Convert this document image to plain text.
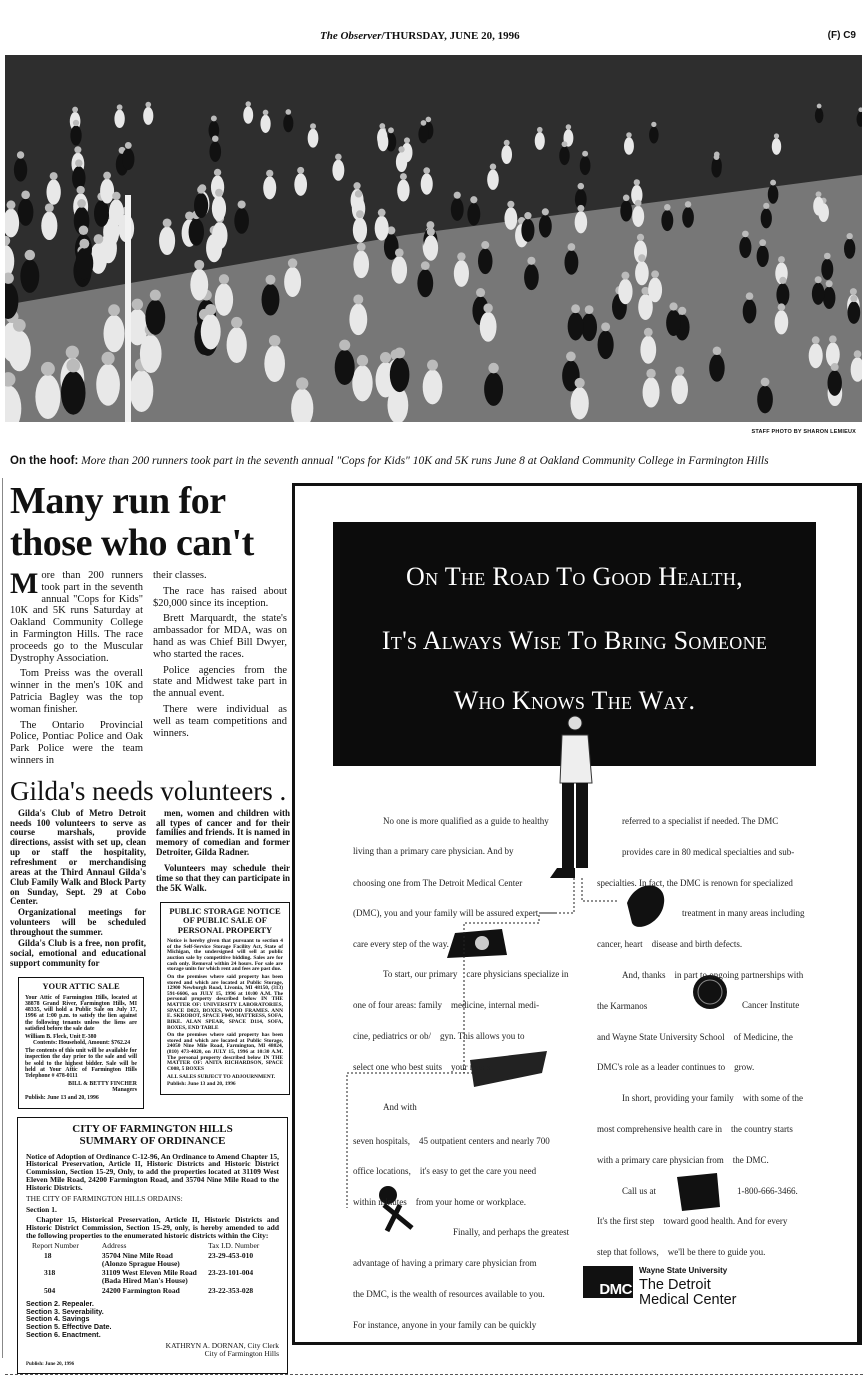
The Observer/THURSDAY, JUNE 20, 1996	(F) C9
STAFF PHOTO BY SHARON LEMIEUX
On the hoof: More than 200 runners took part in the seventh annual "Cops for Kids" 10K and 5K runs June 8 at Oakland Community College in Farmington Hills
Many run for those who can't

More than 200 runners took part in the seventh annual "Cops for Kids" 10K and 5K runs Saturday at Oakland Community College in Farmington Hills. The race proceeds go to the Muscular Dystrophy Association.

Tom Preiss was the overall winner in the men's 10K and Patricia Bagley was the top woman finisher.

The Ontario Provincial Police, Pontiac Police and Oak Park Police were the team winners in

their classes.

The race has raised about $20,000 since its inception.

Brett Marquardt, the state's ambassador for MDA, was on hand as was Chief Bill Dwyer, who started the races.

Police agencies from the state and Midwest take part in the annual event.

There were individual as well as team competitions and winners.

Gilda's needs volunteers .

Gilda's Club of Metro Detroit needs 100 volunteers to serve as course marshals, provide directions, assist with set up, clean up or staff the hospitality, refreshment or merchandising areas at the Third Annaul Gilda's Club Family Walk and Block Party on Sunday, Sept. 29 at Cobo Center.

Organizational meetings for volunteers will be scheduled throughout the summer.

Gilda's Club is a free, non profit, social, emotional and educational support community for

YOUR ATTIC SALE

Your Attic of Farmington Hills, located at 38878 Grand River, Farmington Hills, MI 48335, will hold a Public Sale on July 17, 1996 at 1:00 p.m. to satisfy the lien against the following tenants unless the liens are satisfied before the sale date

William B. Fleck, Unit E-380

Contents: Household, Amount: $762.24

The contents of this unit will be available for inspection the day prior to the sale and will be sold to the highest bidder. Sale will be held at Your Attic of Farmington Hills Telephone # 478-0111

BILL & BETTY FINCHER

Managers

Publish: June 13 and 20, 1996

men, women and children with all types of cancer and for their families and friends. It is named in memory of comedian and former Detroiter, Gilda Radner.

Volunteers may schedule their time so that they can participate in the 5K Walk.

PUBLIC STORAGE NOTICE OF PUBLIC SALE OF PERSONAL PROPERTY

Notice is hereby given that pursuant to section 4 of the Self-Service Storage Facility Act, State of Michigan, the undersigned will sell at public auction sale by competitive bidding. Sales are for cash only. Removal within 24 hours. For sale are storage units for which rent and fees are past due.

On the premises where said property has been stored and which are located at Public Storage, 12900 Newburgh Road, Livonia, MI 48150, (313) 591-6606, on JULY 15, 1996 at 10:00 A.M. The personal property described below IN THE MATTER OF: UNIVERSITY LABORATORIES, SPACE D023, BOXES, WOOD FRAMES. ANN E. SKROBOT, SPACE F049, MATTRESS, SOFA, BIKE. ALAN SPEAR, SPACE D114, SOFA, BOXES, END TABLE

On the premises where said property has been stored and which are located at Public Storage, 24050 Nine Mile Road, Farmington, MI 48024, (810) 473-4020, on JULY 15, 1996 at 10:30 A.M. The personal property described below IN THE MATTER OF: ANITA RICHARDSON, SPACE C008, 5 BOXES

ALL SALES SUBJECT TO ADJOURNMENT.

Publish: June 13 and 20, 1996

CITY OF FARMINGTON HILLS
SUMMARY OF ORDINANCE

Notice of Adoption of Ordinance C-12-96, An Ordinance to Amend Chapter 15, Historical Preservation, Article II, Historic Districts and Historic District Commission, Section 15-29, Only, to add the properties located at 31109 West Eleven Mile Road, 24200 Farmington Road, and 35704 Nine Mile Road to the Historic Districts.

THE CITY OF FARMINGTON HILLS ORDAINS:

Section 1.

Chapter 15, Historical Preservation, Article II, Historic Districts and Historic District Commission, Section 15-29, only, is hereby amended to add the following properties to the enumerated historic districts within the City:

Report Number	Address	Tax I.D. Number
18	35704 Nine Mile Road
(Alonzo Sprague House)	23-29-453-010
318	31109 West Eleven Mile Road
(Bada Hired Man's House)	23-23-101-004
504	24200 Farmington Road	23-22-353-028
Section 2. Repealer.
Section 3. Severability.
Section 4. Savings
Section 5. Effective Date.
Section 6. Enactment.
KATHRYN A. DORNAN, City Clerk
City of Farmington Hills
Publish: June 20, 1996
On The Road To Good Health,
It's Always Wise To Bring Someone
Who Knows The Way.
No one is more qualified as a guide to healthy
living than a primary care physician. And by
choosing one from The Detroit Medical Center
(DMC), you and your family will be assured expert
care every step of the way.
To start, our primary    care physicians specialize in
one of four areas: family    medicine, internal medi-
cine, pediatrics or ob/    gyn. This allows you to
select one who best suits    your needs.
And with
seven hospitals,    45 outpatient centers and nearly 700
office locations,    it's easy to get the care you need
within minutes    from your home or workplace.
Finally, and perhaps the greatest
advantage of having a primary care physician from
the DMC, is the wealth of resources available to you.
For instance, anyone in your family can be quickly
referred to a specialist if needed. The DMC
provides care in 80 medical specialties and sub-
specialties. In fact, the DMC is renown for specialized
treatment in many areas including
cancer, heart    disease and birth defects.
And, thanks    in part to ongoing partnerships with
the Karmanos
and Wayne State University School    of Medicine, the
DMC's role as a leader continues to    grow.
In short, providing your family    with some of the
most comprehensive health care in    the country starts
with a primary care physician from    the DMC.
Call us at
It's the first step    toward good health. And for every
step that follows,    we'll be there to guide you.
Cancer Institute
1-800-666-3466.
DMC
Wayne State University
The Detroit
Medical Center
